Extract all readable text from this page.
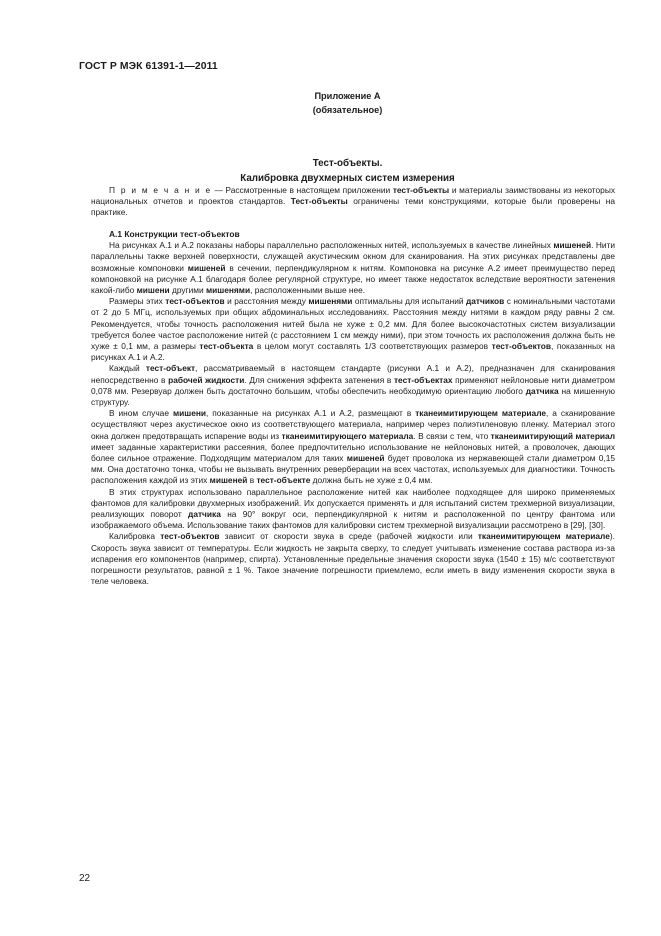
ГОСТ Р МЭК 61391-1—2011
Приложение А
(обязательное)
Тест-объекты.
Калибровка двухмерных систем измерения

П р и м е ч а н и е — Рассмотренные в настоящем приложении тест-объекты и материалы заимствованы из некоторых национальных отчетов и проектов стандартов. Тест-объекты ограничены теми конструкциями, которые были проверены на практике.

А.1 Конструкции тест-объектов

На рисунках А.1 и А.2 показаны наборы параллельно расположенных нитей, используемых в качестве линейных мишеней. Нити параллельны также верхней поверхности, служащей акустическим окном для сканирования. На этих рисунках представлены две возможные компоновки мишеней в сечении, перпендикулярном к нитям. Компоновка на рисунке А.2 имеет преимущество перед компоновкой на рисунке А.1 благодаря более регулярной структуре, но имеет также недостаток вследствие вероятности затенения какой-либо мишени другими мишенями, расположенными выше нее.

Размеры этих тест-объектов и расстояния между мишенями оптимальны для испытаний датчиков с номинальными частотами от 2 до 5 МГц, используемых при общих абдоминальных исследованиях. Расстояния между нитями в каждом ряду равны 2 см. Рекомендуется, чтобы точность расположения нитей была не хуже ± 0,2 мм. Для более высокочастотных систем визуализации требуется более частое расположение нитей (с расстоянием 1 см между ними), при этом точность их расположения должна быть не хуже ± 0,1 мм, а размеры тест-объекта в целом могут составлять 1/3 соответствующих размеров тест-объектов, показанных на рисунках А.1 и А.2.

Каждый тест-объект, рассматриваемый в настоящем стандарте (рисунки А.1 и А.2), предназначен для сканирования непосредственно в рабочей жидкости. Для снижения эффекта затенения в тест-объектах применяют нейлоновые нити диаметром 0,078 мм. Резервуар должен быть достаточно большим, чтобы обеспечить необходимую ориентацию любого датчика на мишенную структуру.

В ином случае мишени, показанные на рисунках А.1 и А.2, размещают в тканеимитирующем материале, а сканирование осуществляют через акустическое окно из соответствующего материала, например через полиэтиленовую пленку. Материал этого окна должен предотвращать испарение воды из тканеимитирующего материала. В связи с тем, что тканеимитирующий материал имеет заданные характеристики рассеяния, более предпочтительно использование не нейлоновых нитей, а проволочек, дающих более сильное отражение. Подходящим материалом для таких мишеней будет проволока из нержавеющей стали диаметром 0,15 мм. Она достаточно тонка, чтобы не вызывать внутренних реверберации на всех частотах, используемых для диагностики. Точность расположения каждой из этих мишеней в тест-объекте должна быть не хуже ± 0,4 мм.

В этих структурах использовано параллельное расположение нитей как наиболее подходящее для широко применяемых фантомов для калибровки двухмерных изображений. Их допускается применять и для испытаний систем трехмерной визуализации, реализующих поворот датчика на 90° вокруг оси, перпендикулярной к нитям и расположенной по центру фантома или изображаемого объема. Использование таких фантомов для калибровки систем трехмерной визуализации рассмотрено в [29], [30].

Калибровка тест-объектов зависит от скорости звука в среде (рабочей жидкости или тканеимитирующем материале). Скорость звука зависит от температуры. Если жидкость не закрыта сверху, то следует учитывать изменение состава раствора из-за испарения его компонентов (например, спирта). Установленные предельные значения скорости звука (1540 ± 15) м/с соответствуют погрешности результатов, равной ± 1 %. Такое значение погрешности приемлемо, если иметь в виду изменения скорости звука в теле человека.

22
